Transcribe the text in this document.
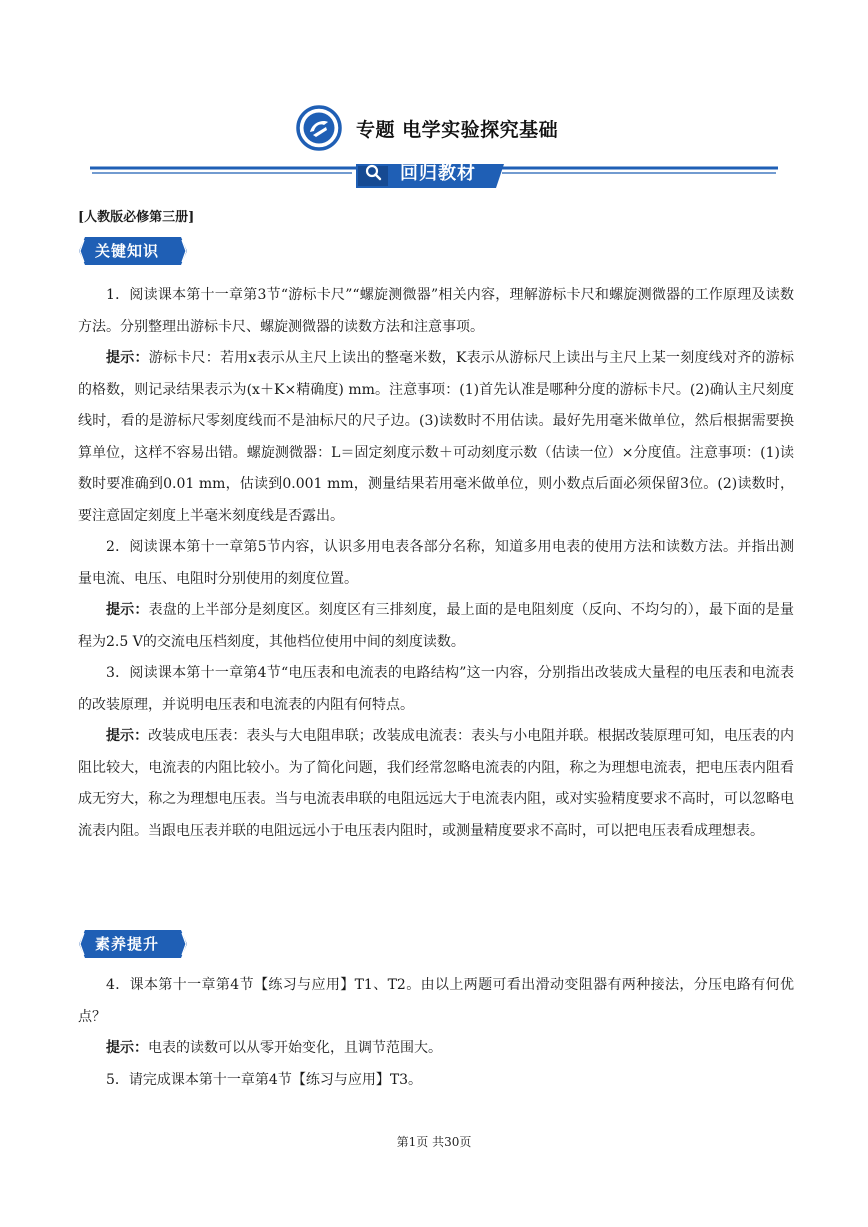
专题 电学实验探究基础
回归教材
[人教版必修第三册]
关键知识

1．阅读课本第十一章第3节“游标卡尺”“螺旋测微器”相关内容，理解游标卡尺和螺旋测微器的工作原理及读数方法。分别整理出游标卡尺、螺旋测微器的读数方法和注意事项。

提示：游标卡尺：若用x表示从主尺上读出的整毫米数，K表示从游标尺上读出与主尺上某一刻度线对齐的游标的格数，则记录结果表示为(x＋K×精确度) mm。注意事项：(1)首先认准是哪种分度的游标卡尺。(2)确认主尺刻度线时，看的是游标尺零刻度线而不是油标尺的尺子边。(3)读数时不用估读。最好先用毫米做单位，然后根据需要换算单位，这样不容易出错。螺旋测微器：L＝固定刻度示数＋可动刻度示数（估读一位）×分度值。注意事项：(1)读数时要准确到0.01 mm，估读到0.001 mm，测量结果若用毫米做单位，则小数点后面必须保留3位。(2)读数时，要注意固定刻度上半毫米刻度线是否露出。

2．阅读课本第十一章第5节内容，认识多用电表各部分名称，知道多用电表的使用方法和读数方法。并指出测量电流、电压、电阻时分别使用的刻度位置。

提示：表盘的上半部分是刻度区。刻度区有三排刻度，最上面的是电阻刻度（反向、不均匀的），最下面的是量程为2.5 V的交流电压档刻度，其他档位使用中间的刻度读数。

3．阅读课本第十一章第4节“电压表和电流表的电路结构”这一内容，分别指出改装成大量程的电压表和电流表的改装原理，并说明电压表和电流表的内阻有何特点。

提示：改装成电压表：表头与大电阻串联；改装成电流表：表头与小电阻并联。根据改装原理可知，电压表的内阻比较大，电流表的内阻比较小。为了简化问题，我们经常忽略电流表的内阻，称之为理想电流表，把电压表内阻看成无穷大，称之为理想电压表。当与电流表串联的电阻远远大于电流表内阻，或对实验精度要求不高时，可以忽略电流表内阻。当跟电压表并联的电阻远远小于电压表内阻时，或测量精度要求不高时，可以把电压表看成理想表。

素养提升

4．课本第十一章第4节【练习与应用】T1、T2。由以上两题可看出滑动变阻器有两种接法，分压电路有何优点？

提示：电表的读数可以从零开始变化，且调节范围大。

5．请完成课本第十一章第4节【练习与应用】T3。

第1页 共30页
